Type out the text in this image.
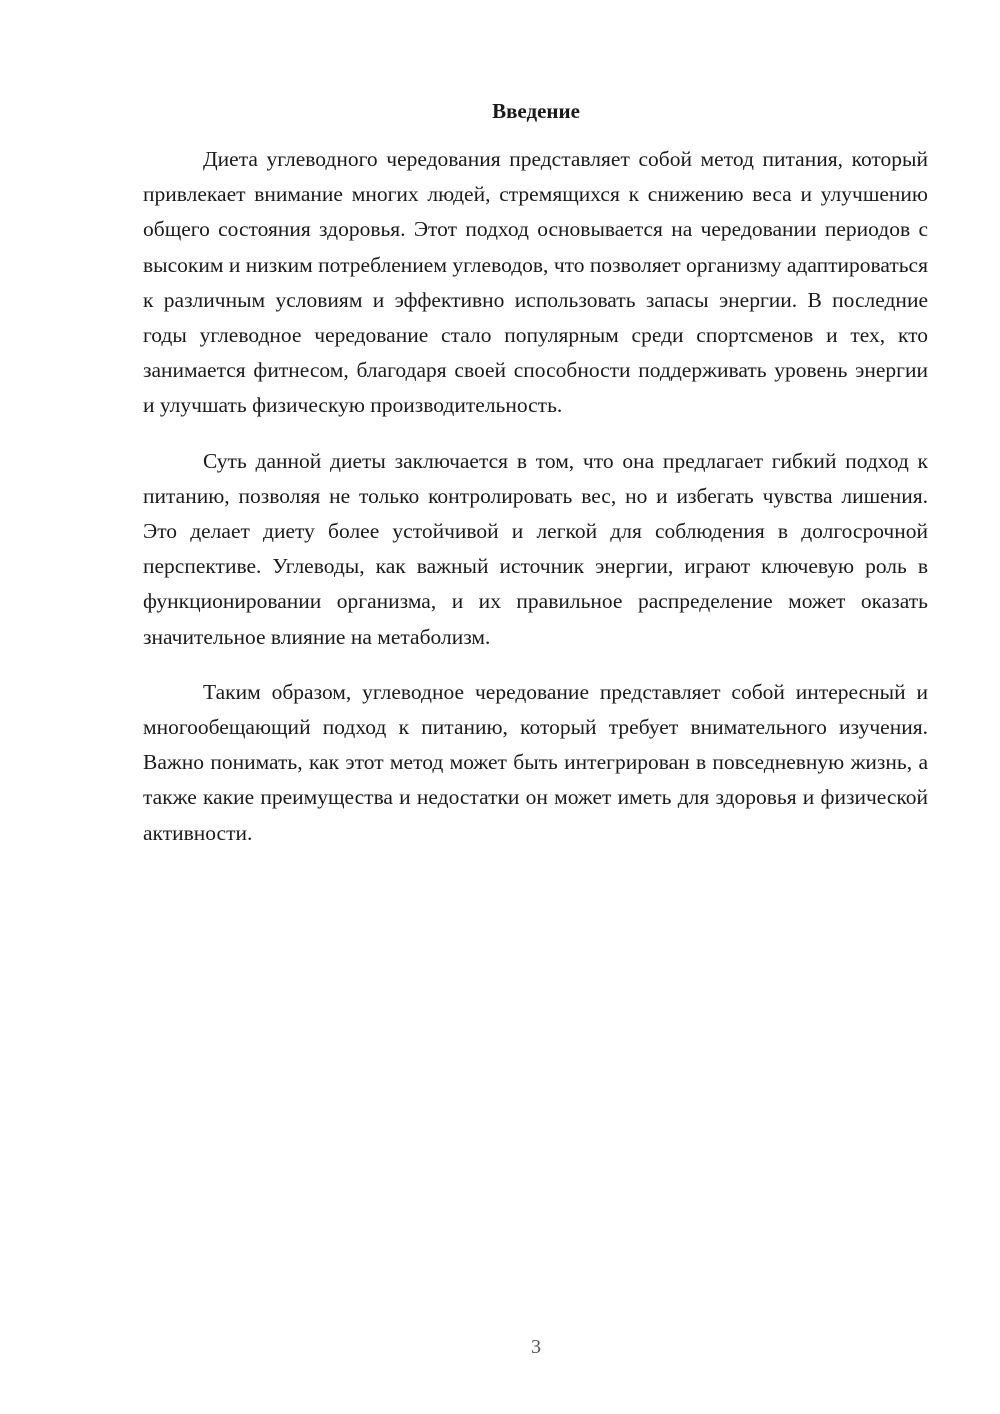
Введение

Диета углеводного чередования представляет собой метод питания, который привлекает внимание многих людей, стремящихся к снижению веса и улучшению общего состояния здоровья. Этот подход основывается на чередовании периодов с высоким и низким потреблением углеводов, что позволяет организму адаптироваться к различным условиям и эффективно использовать запасы энергии. В последние годы углеводное чередование стало популярным среди спортсменов и тех, кто занимается фитнесом, благодаря своей способности поддерживать уровень энергии и улучшать физическую производительность.

Суть данной диеты заключается в том, что она предлагает гибкий подход к питанию, позволяя не только контролировать вес, но и избегать чувства лишения. Это делает диету более устойчивой и легкой для соблюдения в долгосрочной перспективе. Углеводы, как важный источник энергии, играют ключевую роль в функционировании организма, и их правильное распределение может оказать значительное влияние на метаболизм.

Таким образом, углеводное чередование представляет собой интересный и многообещающий подход к питанию, который требует внимательного изучения. Важно понимать, как этот метод может быть интегрирован в повседневную жизнь, а также какие преимущества и недостатки он может иметь для здоровья и физической активности.

3
